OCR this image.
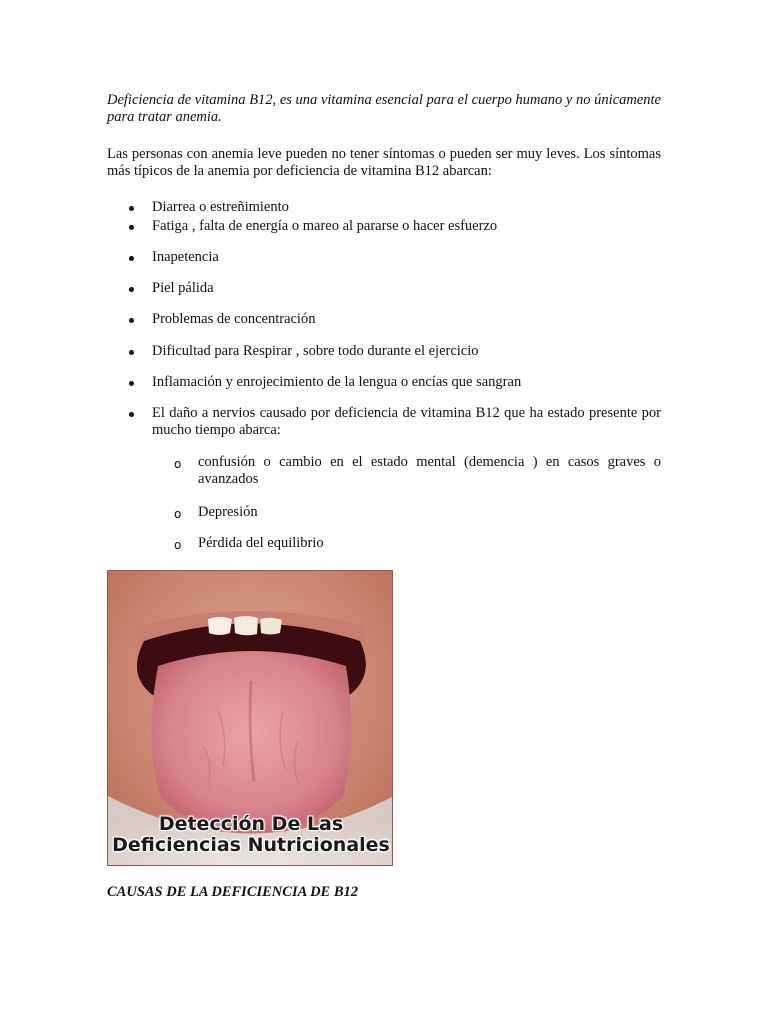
Deficiencia de vitamina B12, es una vitamina esencial para el cuerpo humano y no únicamente para tratar anemia.

Las personas con anemia leve pueden no tener síntomas o pueden ser muy leves. Los síntomas más típicos de la anemia por deficiencia de vitamina B12 abarcan:

Diarrea o estreñimiento
Fatiga , falta de energía o mareo al pararse o hacer esfuerzo
Inapetencia
Piel pálida
Problemas de concentración
Dificultad para Respirar , sobre todo durante el ejercicio
Inflamación y enrojecimiento de la lengua o encías que sangran
El daño a nervios causado por deficiencia de vitamina B12 que ha estado presente por mucho tiempo abarca:
o confusión o cambio en el estado mental (demencia ) en casos graves o avanzados
o Depresión
o Pérdida del equilibrio
Detección De Las
Deficiencias Nutricionales
CAUSAS DE LA DEFICIENCIA DE B12
